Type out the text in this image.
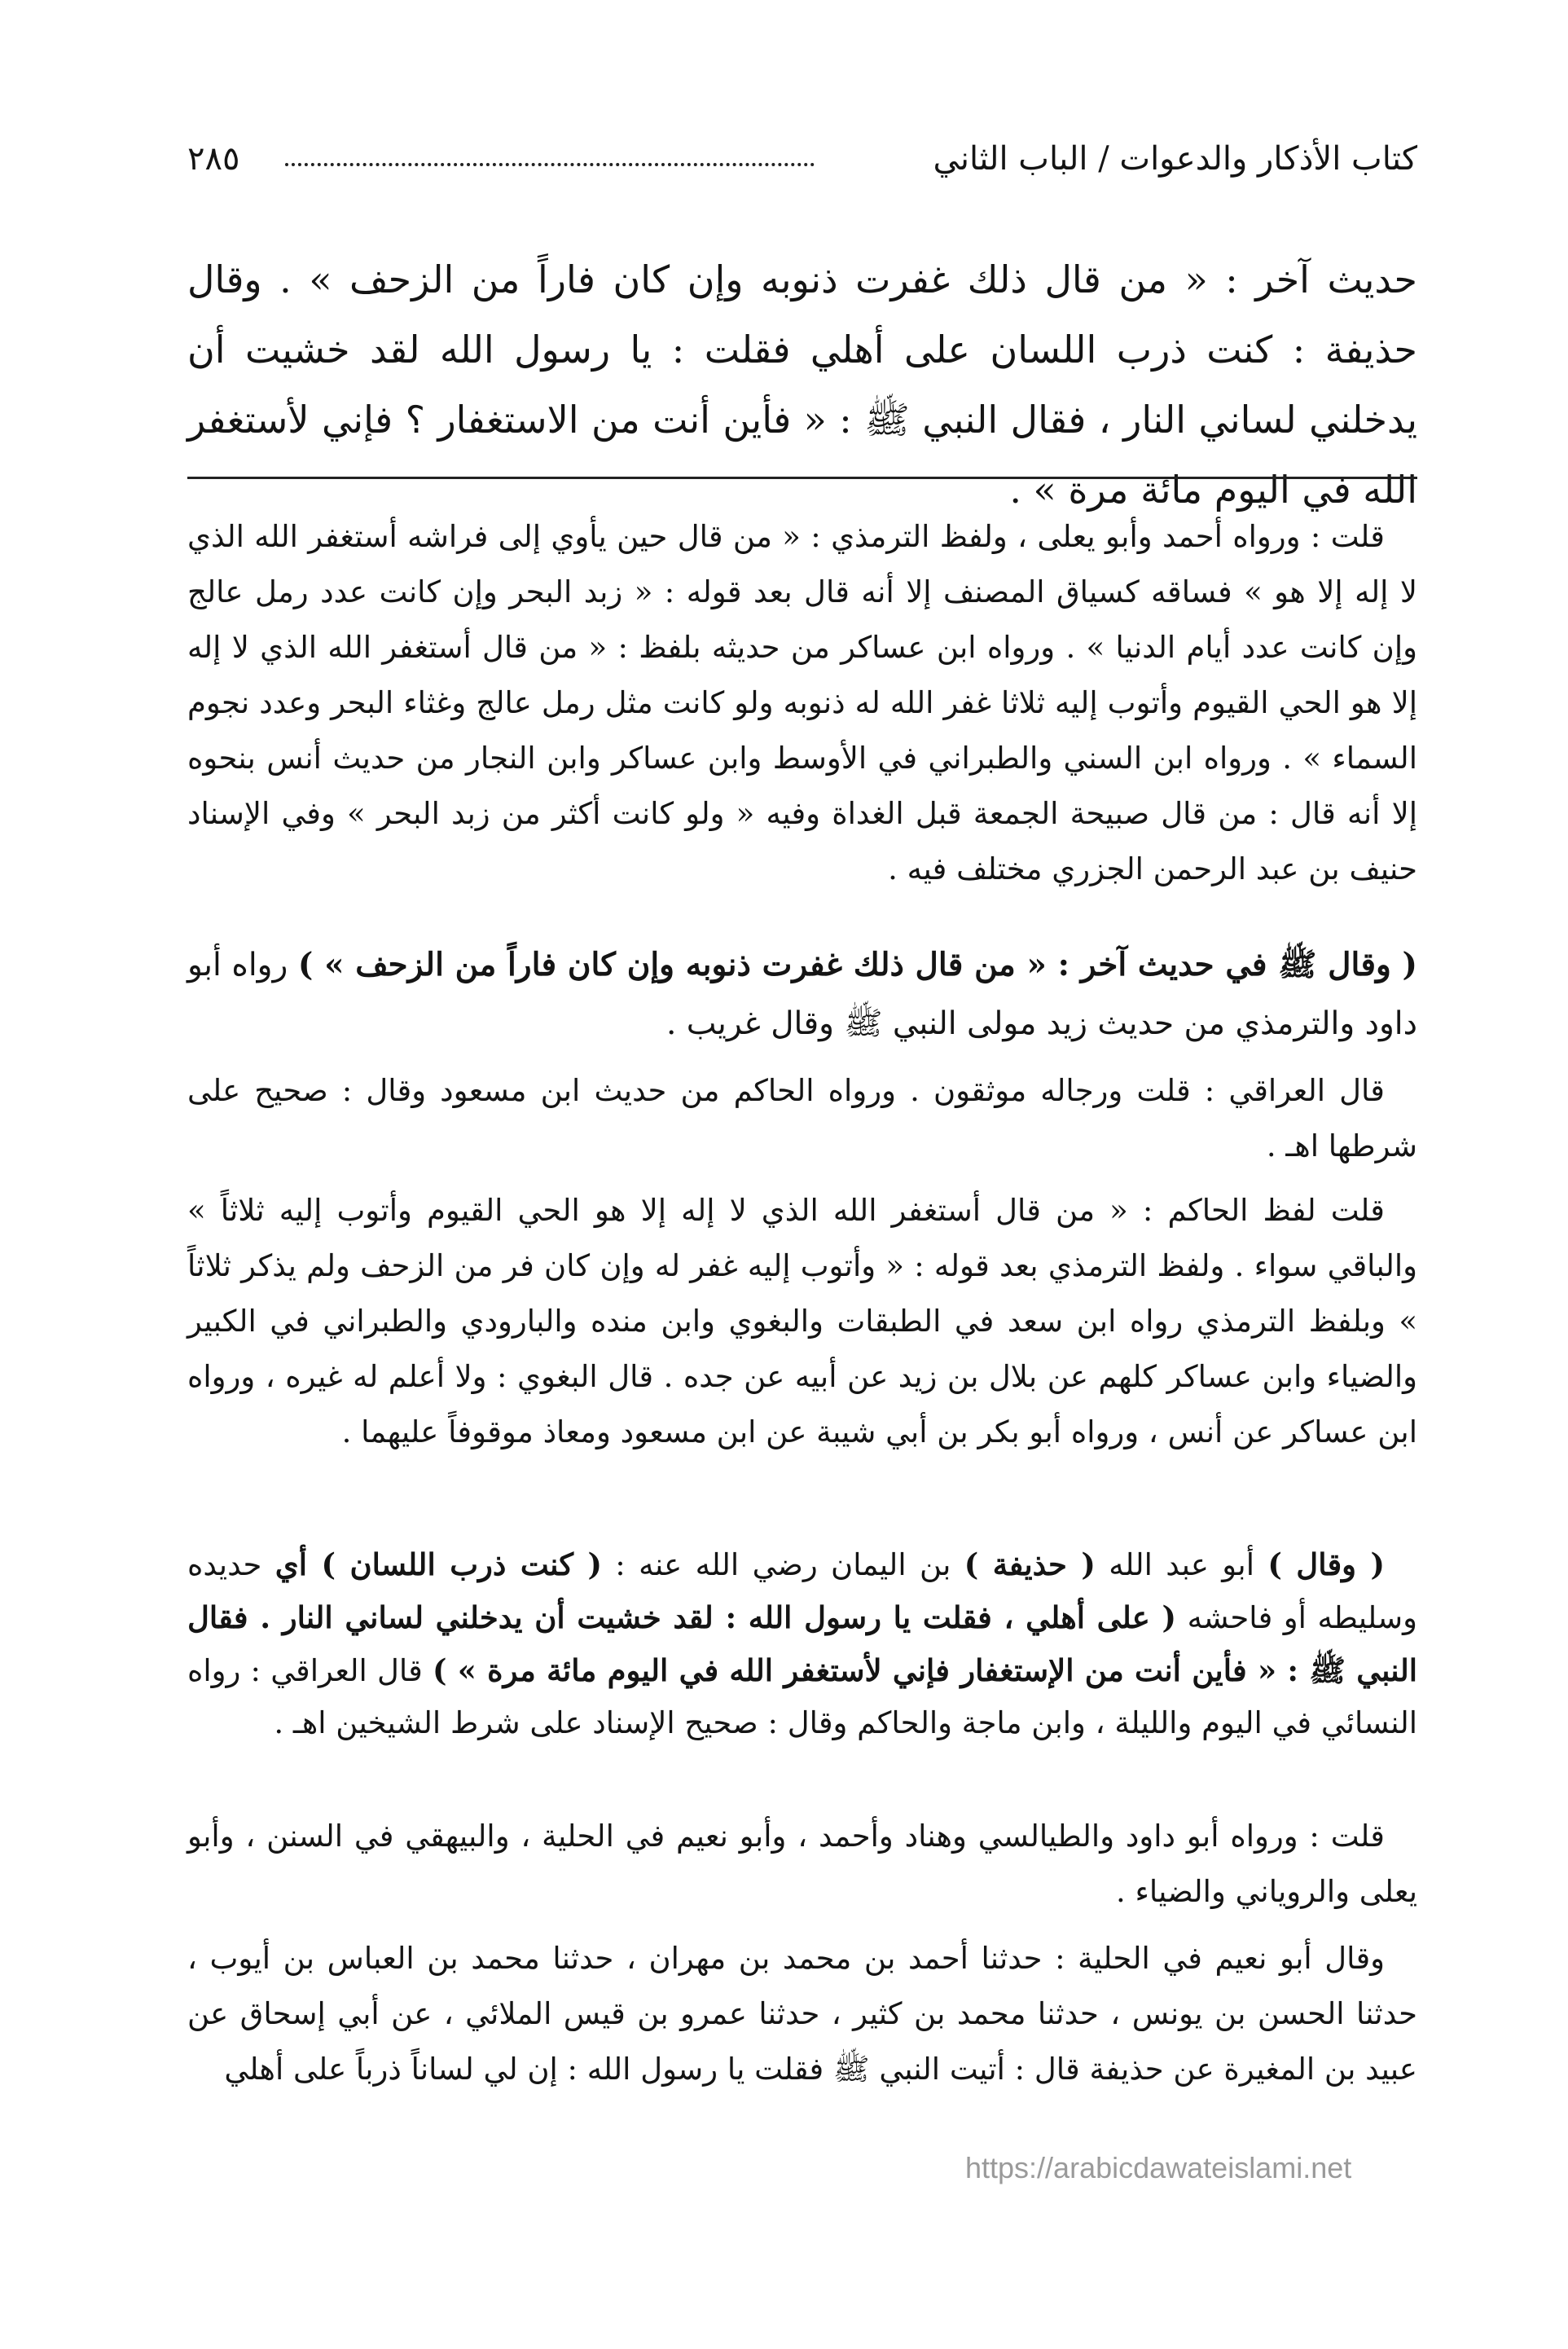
كتاب الأذكار والدعوات / الباب الثاني
٢٨٥

حديث آخر : « من قال ذلك غفرت ذنوبه وإن كان فاراً من الزحف » . وقال حذيفة : كنت ذرب اللسان على أهلي فقلت : يا رسول الله لقد خشيت أن يدخلني لساني النار ، فقال النبي ﷺ : « فأين أنت من الاستغفار ؟ فإني لأستغفر الله في اليوم مائة مرة » .

قلت : ورواه أحمد وأبو يعلى ، ولفظ الترمذي : « من قال حين يأوي إلى فراشه أستغفر الله الذي لا إله إلا هو » فساقه كسياق المصنف إلا أنه قال بعد قوله : « زبد البحر وإن كانت عدد رمل عالج وإن كانت عدد أيام الدنيا » . ورواه ابن عساكر من حديثه بلفظ : « من قال أستغفر الله الذي لا إله إلا هو الحي القيوم وأتوب إليه ثلاثا غفر الله له ذنوبه ولو كانت مثل رمل عالج وغثاء البحر وعدد نجوم السماء » . ورواه ابن السني والطبراني في الأوسط وابن عساكر وابن النجار من حديث أنس بنحوه إلا أنه قال : من قال صبيحة الجمعة قبل الغداة وفيه « ولو كانت أكثر من زبد البحر » وفي الإسناد حنيف بن عبد الرحمن الجزري مختلف فيه .

( وقال ﷺ في حديث آخر : « من قال ذلك غفرت ذنوبه وإن كان فاراً من الزحف » ) رواه أبو داود والترمذي من حديث زيد مولى النبي ﷺ وقال غريب .

قال العراقي : قلت ورجاله موثقون . ورواه الحاكم من حديث ابن مسعود وقال : صحيح على شرطها اهـ .

قلت لفظ الحاكم : « من قال أستغفر الله الذي لا إله إلا هو الحي القيوم وأتوب إليه ثلاثاً » والباقي سواء . ولفظ الترمذي بعد قوله : « وأتوب إليه غفر له وإن كان فر من الزحف ولم يذكر ثلاثاً » وبلفظ الترمذي رواه ابن سعد في الطبقات والبغوي وابن منده والبارودي والطبراني في الكبير والضياء وابن عساكر كلهم عن بلال بن زيد عن أبيه عن جده . قال البغوي : ولا أعلم له غيره ، ورواه ابن عساكر عن أنس ، ورواه أبو بكر بن أبي شيبة عن ابن مسعود ومعاذ موقوفاً عليهما .

( وقال ) أبو عبد الله ( حذيفة ) بن اليمان رضي الله عنه : ( كنت ذرب اللسان ) أي حديده وسليطه أو فاحشه ( على أهلي ، فقلت يا رسول الله : لقد خشيت أن يدخلني لساني النار . فقال النبي ﷺ : « فأين أنت من الإستغفار فإني لأستغفر الله في اليوم مائة مرة » ) قال العراقي : رواه النسائي في اليوم والليلة ، وابن ماجة والحاكم وقال : صحيح الإسناد على شرط الشيخين اهـ .

قلت : ورواه أبو داود والطيالسي وهناد وأحمد ، وأبو نعيم في الحلية ، والبيهقي في السنن ، وأبو يعلى والروياني والضياء .

وقال أبو نعيم في الحلية : حدثنا أحمد بن محمد بن مهران ، حدثنا محمد بن العباس بن أيوب ، حدثنا الحسن بن يونس ، حدثنا محمد بن كثير ، حدثنا عمرو بن قيس الملائي ، عن أبي إسحاق عن عبيد بن المغيرة عن حذيفة قال : أتيت النبي ﷺ فقلت يا رسول الله : إن لي لساناً ذرباً على أهلي

https://arabicdawateislami.net
